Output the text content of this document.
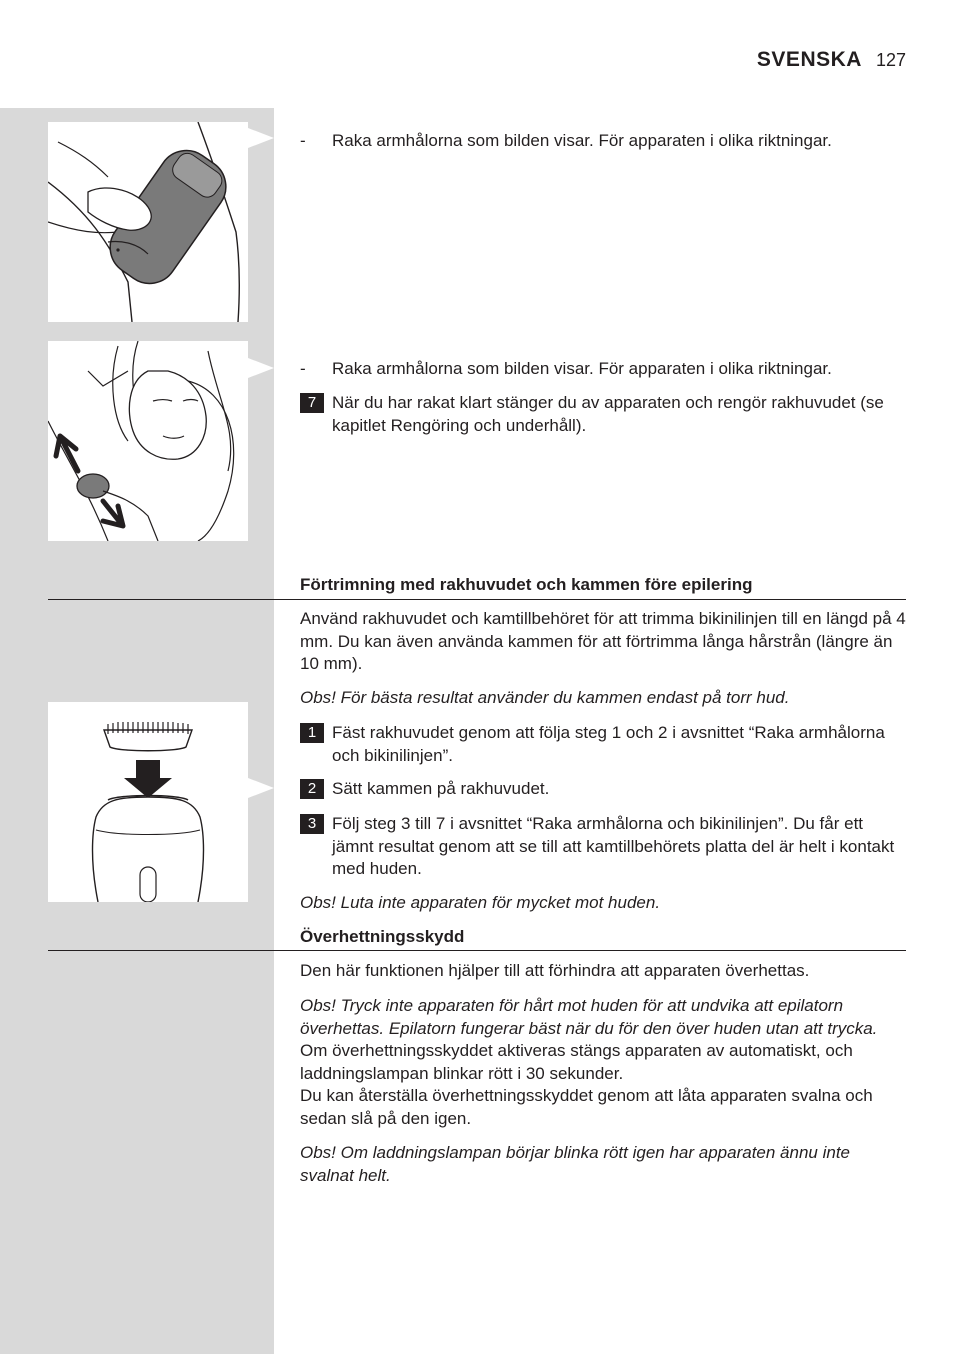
SVENSKA 127
-	Raka armhålorna som bilden visar. För apparaten i olika riktningar.
-	Raka armhålorna som bilden visar. För apparaten i olika riktningar.
7 När du har rakat klart stänger du av apparaten och rengör rakhuvudet (se kapitlet Rengöring och underhåll).
Förtrimning med rakhuvudet och kammen före epilering
Använd rakhuvudet och kamtillbehöret för att trimma bikinilinjen till en längd på 4 mm. Du kan även använda kammen för att förtrimma långa hårstrån (längre än 10 mm).
Obs! För bästa resultat använder du kammen endast på torr hud.
1 Fäst rakhuvudet genom att följa steg 1 och 2 i avsnittet “Raka armhålorna och bikinilinjen”.
2 Sätt kammen på rakhuvudet.
3 Följ steg 3 till 7 i avsnittet “Raka armhålorna och bikinilinjen”. Du får ett jämnt resultat genom att se till att kamtillbehörets platta del är helt i kontakt med huden.
Obs! Luta inte apparaten för mycket mot huden.
Överhettningsskydd
Den här funktionen hjälper till att förhindra att apparaten överhettas.
Obs! Tryck inte apparaten för hårt mot huden för att undvika att epilatorn överhettas. Epilatorn fungerar bäst när du för den över huden utan att trycka.
Om överhettningsskyddet aktiveras stängs apparaten av automatiskt, och laddningslampan blinkar rött i 30 sekunder.
Du kan återställa överhettningsskyddet genom att låta apparaten svalna och sedan slå på den igen.
Obs! Om laddningslampan börjar blinka rött igen har apparaten ännu inte svalnat helt.
